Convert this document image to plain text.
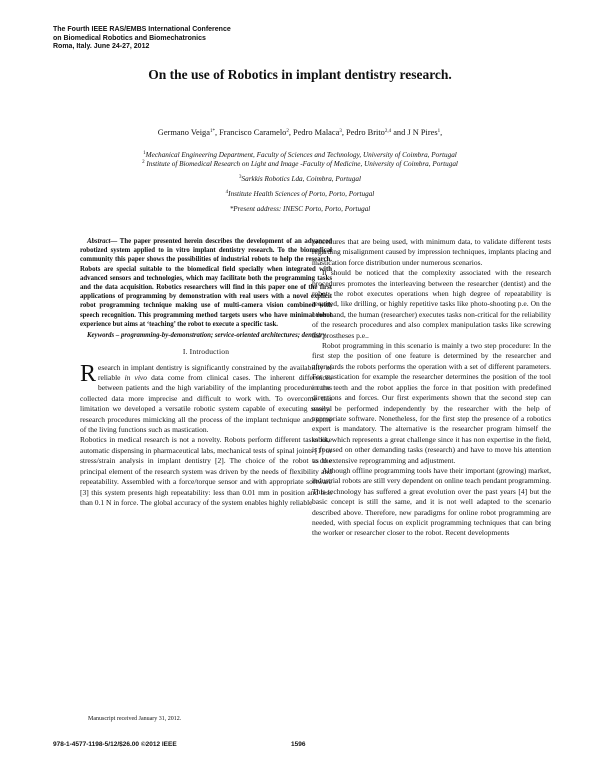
The Fourth IEEE RAS/EMBS International Conference
on Biomedical Robotics and Biomechatronics
Roma, Italy. June 24-27, 2012
On the use of Robotics in implant dentistry research.
Germano Veiga$^{1*}$, Francisco Caramelo$^2$, Pedro Malaca$^3$, Pedro Brito$^{2,4}$ and J N Pires$^1$,
$^1$Mechanical Engineering Department, Faculty of Sciences and Technology, University of Coimbra, Portugal
$^2$ Institute of Biomedical Research on Light and Image -Faculty of Medicine, University of Coimbra, Portugal
$^3$Sarkkis Robotics Lda, Coimbra, Portugal
$^4$Institute Health Sciences of Porto, Porto, Portugal
*Present address: INESC Porto, Porto, Portugal

Abstract— The paper presented herein describes the development of an advanced robotized system applied to in vitro implant dentistry research. To the biomedical community this paper shows the possibilities of industrial robots to help the research. Robots are special suitable to the biomedical field specially when integrated with advanced sensors and technologies, which may facilitate both the programming tasks and the data acquisition. Robotics researchers will find in this paper one of the first applications of programming by demonstration with real users with a novel explicit robot programming technique making use of multi-camera vision combined with speech recognition. This programming method targets users who have minimal robot experience but aims at ‘teaching’ the robot to execute a specific task.

Keywords – programming-by-demonstration; service-oriented architectures; dentistry

I. Introduction

Research in implant dentistry is significantly constrained by the availability of reliable in vivo data come from clinical cases. The inherent differences between patients and the high variability of the implanting procedure turns collected data more imprecise and difficult to work with. To overcome this limitation we developed a versatile robotic system capable of executing several research procedures mimicking all the process of the implant technique and some of the living functions such as mastication.

Robotics in medical research is not a novelty. Robots perform different tasks like automatic dispensing in pharmaceutical labs, mechanical tests of spinal joints [1] or stress/strain analysis in implant dentistry [2]. The choice of the robot as the principal element of the research system was driven by the needs of flexibility and repeatability. Assembled with a force/torque sensor and with appropriate software [3] this system presents high repeatability: less than 0.01 mm in position and less than 0.1 N in force. The global accuracy of the system enables highly reliable

procedures that are being used, with minimum data, to validate different tests regarding misalignment caused by impression techniques, implants placing and mastication force distribution under numerous scenarios.

It should be noticed that the complexity associated with the research procedures promotes the interleaving between the researcher (dentist) and the robot: the robot executes operations when high degree of repeatability is required, like drilling, or highly repetitive tasks like photo-shooting p.e. On the other hand, the human (researcher) executes tasks non-critical for the reliability of the research procedures and also complex manipulation tasks like screwing the prostheses p.e..

Robot programming in this scenario is mainly a two step procedure: In the first step the position of one feature is determined by the researcher and afterwards the robots performs the operation with a set of different parameters. For mastication for example the researcher determines the position of the tool in the teeth and the robot applies the force in that position with predefined directions and forces. Our first experiments shown that the second step can easily be performed independently by the researcher with the help of appropriate software. Nonetheless, for the first step the presence of a robotics expert is mandatory. The alternative is the researcher program himself the robot, which represents a great challenge since it has non expertise in the field, is focused on other demanding tasks (research) and have to move his attention to do extensive reprogramming and adjustment.

Although offline programming tools have their important (growing) market, industrial robots are still very dependent on online teach pendant programming. This technology has suffered a great evolution over the past years [4] but the basic concept is still the same, and it is not well adapted to the scenario described above. Therefore, new paradigms for online robot programming are needed, with special focus on explicit programming techniques that can bring the worker or researcher closer to the robot. Recent developments

Manuscript received January 31, 2012.
978-1-4577-1198-5/12/$26.00 ©2012 IEEE	1596
